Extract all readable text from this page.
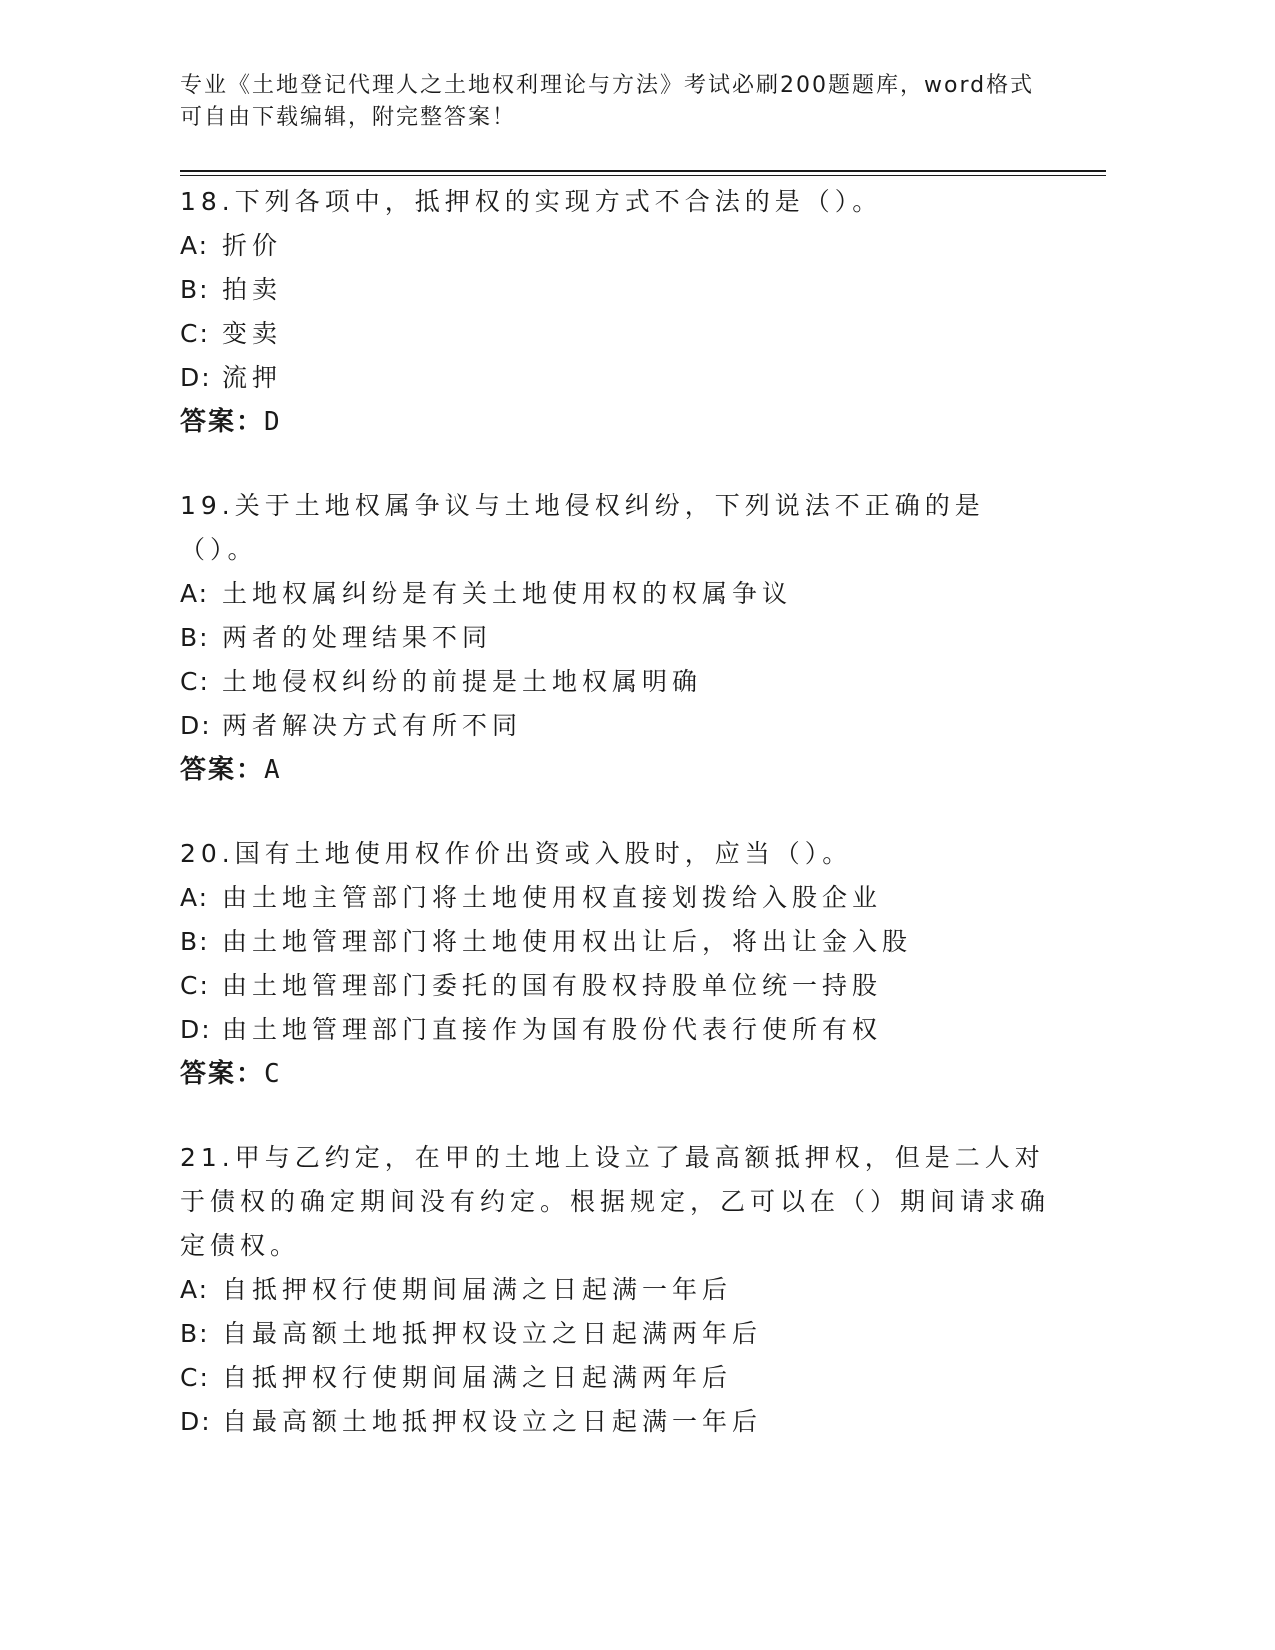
专业《土地登记代理人之土地权利理论与方法》考试必刷200题题库，word格式
可自由下载编辑，附完整答案！
18.下列各项中，抵押权的实现方式不合法的是（）。
A: 折价
B: 拍卖
C: 变卖
D: 流押
答案：D
19.关于土地权属争议与土地侵权纠纷，下列说法不正确的是（）。
A: 土地权属纠纷是有关土地使用权的权属争议
B: 两者的处理结果不同
C: 土地侵权纠纷的前提是土地权属明确
D: 两者解决方式有所不同
答案：A
20.国有土地使用权作价出资或入股时，应当（）。
A: 由土地主管部门将土地使用权直接划拨给入股企业
B: 由土地管理部门将土地使用权出让后，将出让金入股
C: 由土地管理部门委托的国有股权持股单位统一持股
D: 由土地管理部门直接作为国有股份代表行使所有权
答案：C
21.甲与乙约定，在甲的土地上设立了最高额抵押权，但是二人对于债权的确定期间没有约定。根据规定，乙可以在（）期间请求确定债权。
A: 自抵押权行使期间届满之日起满一年后
B: 自最高额土地抵押权设立之日起满两年后
C: 自抵押权行使期间届满之日起满两年后
D: 自最高额土地抵押权设立之日起满一年后
